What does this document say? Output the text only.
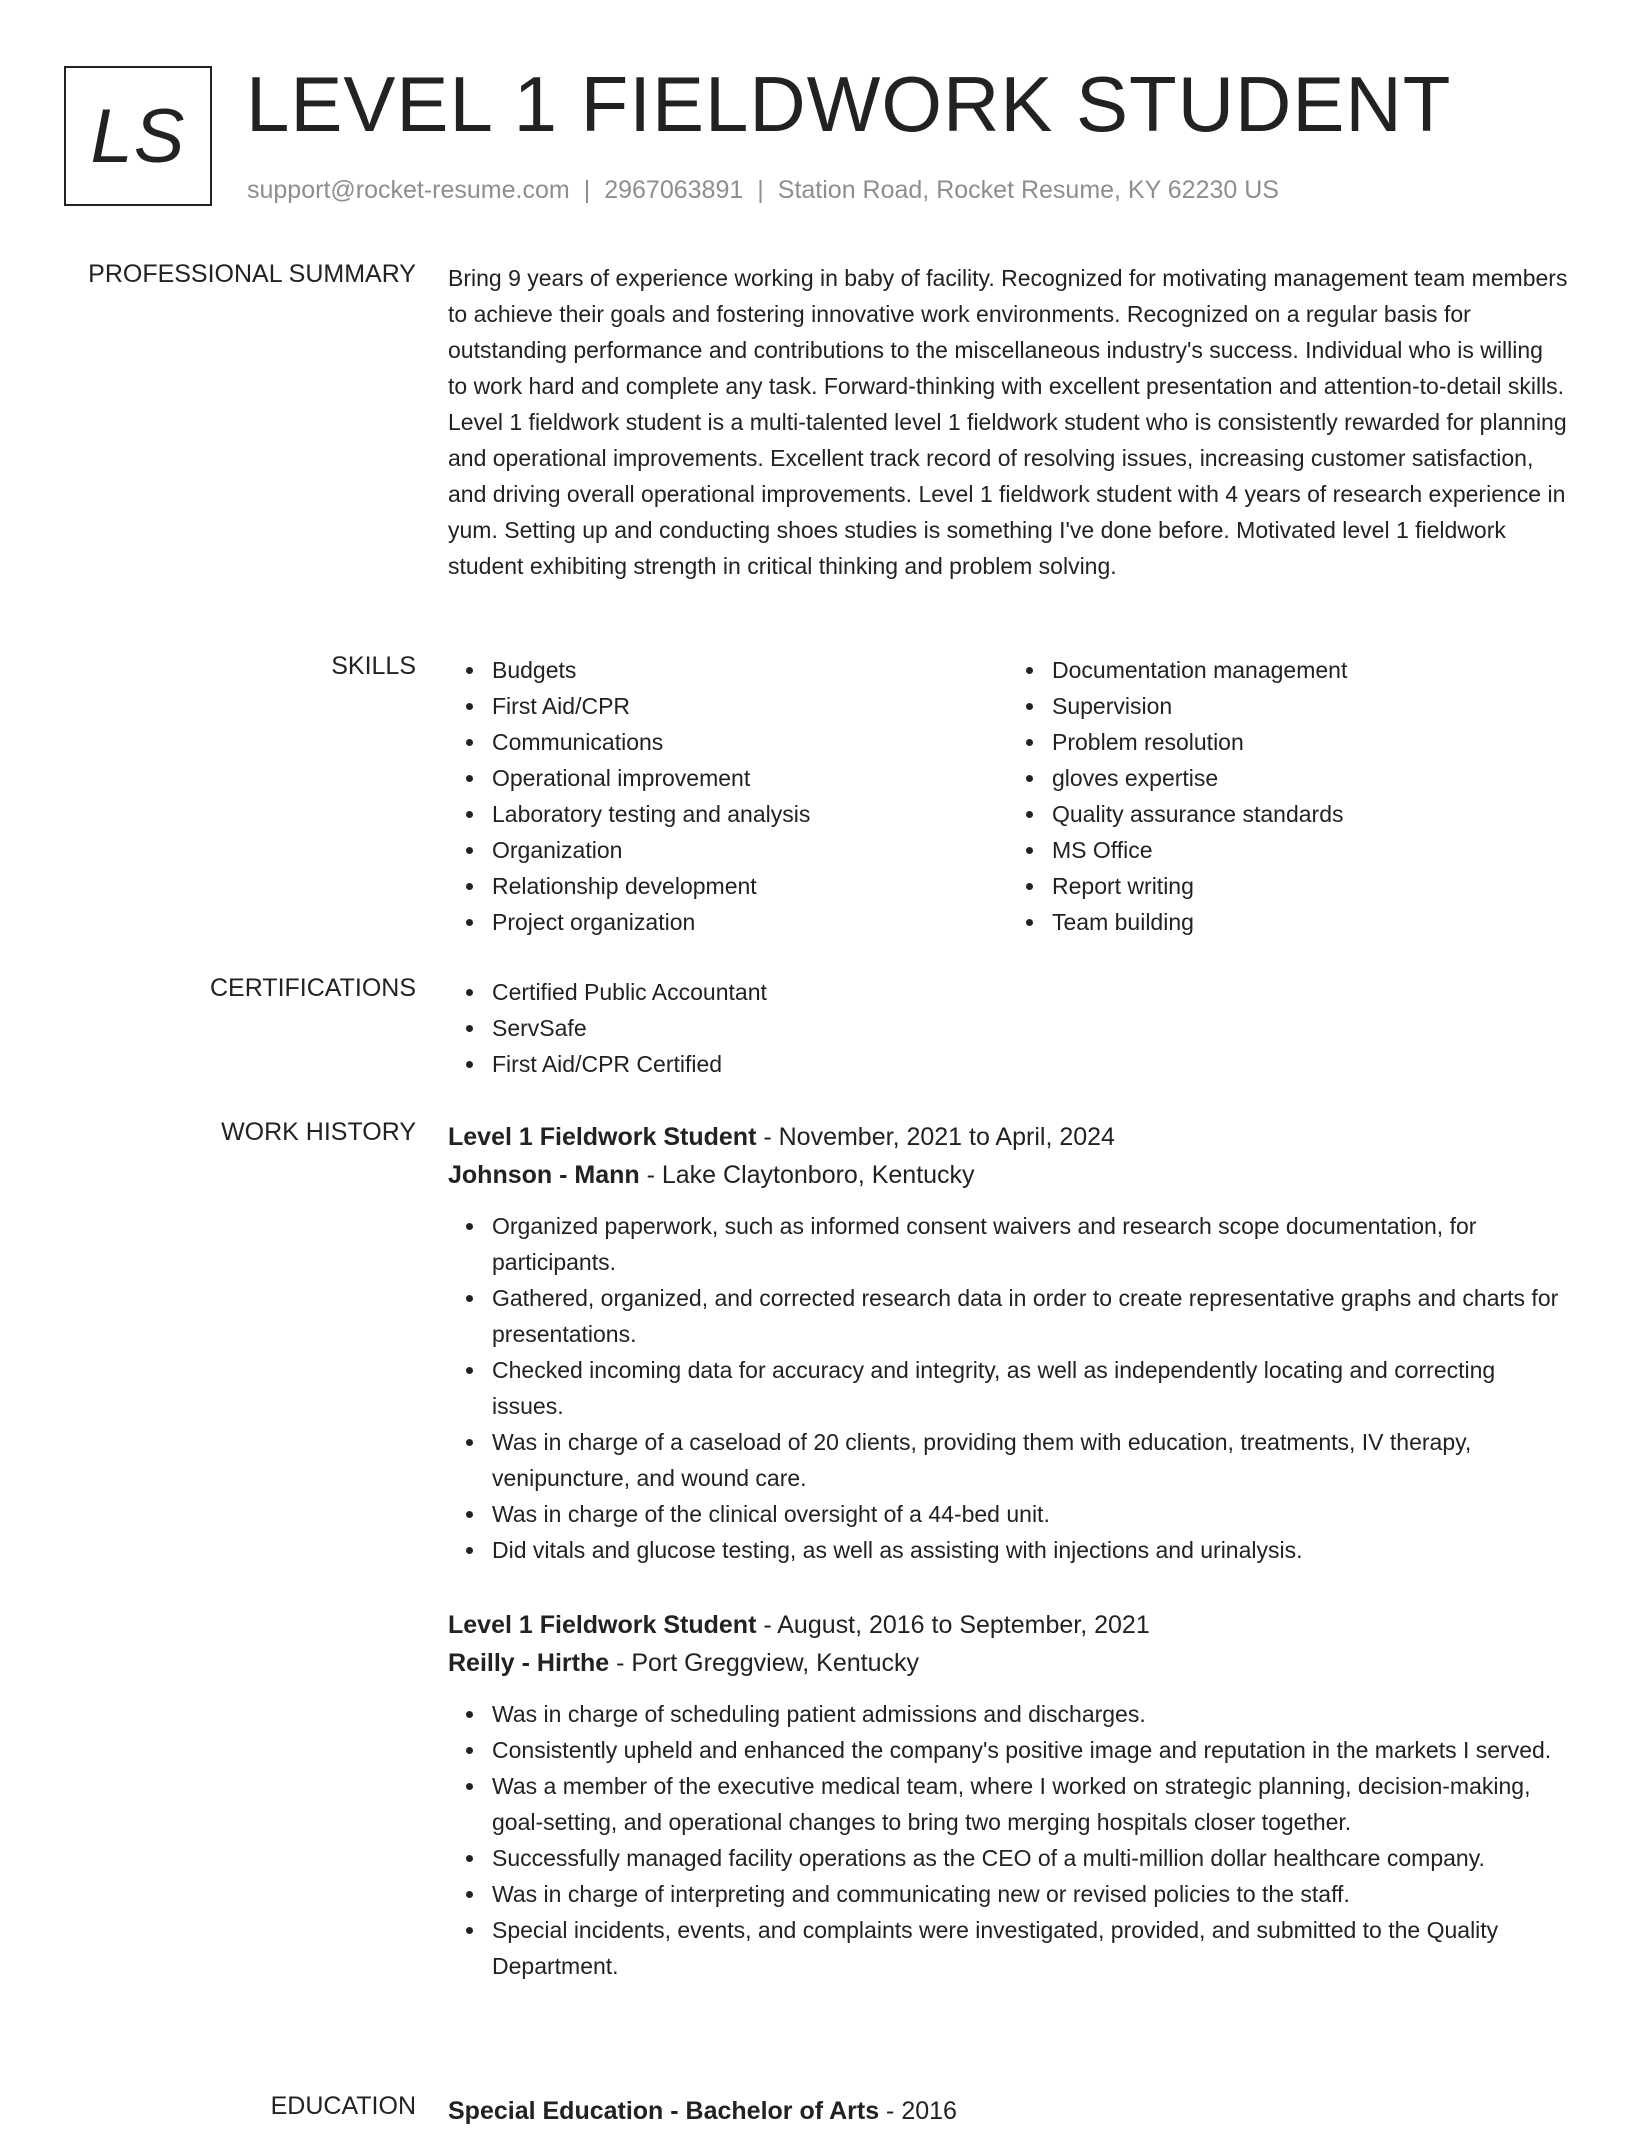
LS LEVEL 1 FIELDWORK STUDENT
support@rocket-resume.com | 2967063891 | Station Road, Rocket Resume, KY 62230 US
PROFESSIONAL SUMMARY Bring 9 years of experience working in baby of facility. Recognized for motivating management team members to achieve their goals and fostering innovative work environments. Recognized on a regular basis for outstanding performance and contributions to the miscellaneous industry's success. Individual who is willing to work hard and complete any task. Forward-thinking with excellent presentation and attention-to-detail skills. Level 1 fieldwork student is a multi-talented level 1 fieldwork student who is consistently rewarded for planning and operational improvements. Excellent track record of resolving issues, increasing customer satisfaction, and driving overall operational improvements. Level 1 fieldwork student with 4 years of research experience in yum. Setting up and conducting shoes studies is something I've done before. Motivated level 1 fieldwork student exhibiting strength in critical thinking and problem solving.
SKILLS	Budgets
First Aid/CPR
Communications
Operational improvement
Laboratory testing and analysis
Organization
Relationship development
Project organization
Documentation management
Supervision
Problem resolution
gloves expertise
Quality assurance standards
MS Office
Report writing
Team building
CERTIFICATIONS	Certified Public Accountant
ServSafe
First Aid/CPR Certified
WORK HISTORY Level 1 Fieldwork Student - November, 2021 to April, 2024
Johnson - Mann - Lake Claytonboro, Kentucky
Organized paperwork, such as informed consent waivers and research scope documentation, for participants.
Gathered, organized, and corrected research data in order to create representative graphs and charts for presentations.
Checked incoming data for accuracy and integrity, as well as independently locating and correcting issues.
Was in charge of a caseload of 20 clients, providing them with education, treatments, IV therapy, venipuncture, and wound care.
Was in charge of the clinical oversight of a 44-bed unit.
Did vitals and glucose testing, as well as assisting with injections and urinalysis.
Level 1 Fieldwork Student - August, 2016 to September, 2021
Reilly - Hirthe - Port Greggview, Kentucky
Was in charge of scheduling patient admissions and discharges.
Consistently upheld and enhanced the company's positive image and reputation in the markets I served.
Was a member of the executive medical team, where I worked on strategic planning, decision-making, goal-setting, and operational changes to bring two merging hospitals closer together.
Successfully managed facility operations as the CEO of a multi-million dollar healthcare company.
Was in charge of interpreting and communicating new or revised policies to the staff.
Special incidents, events, and complaints were investigated, provided, and submitted to the Quality Department.
EDUCATION Special Education - Bachelor of Arts - 2016
